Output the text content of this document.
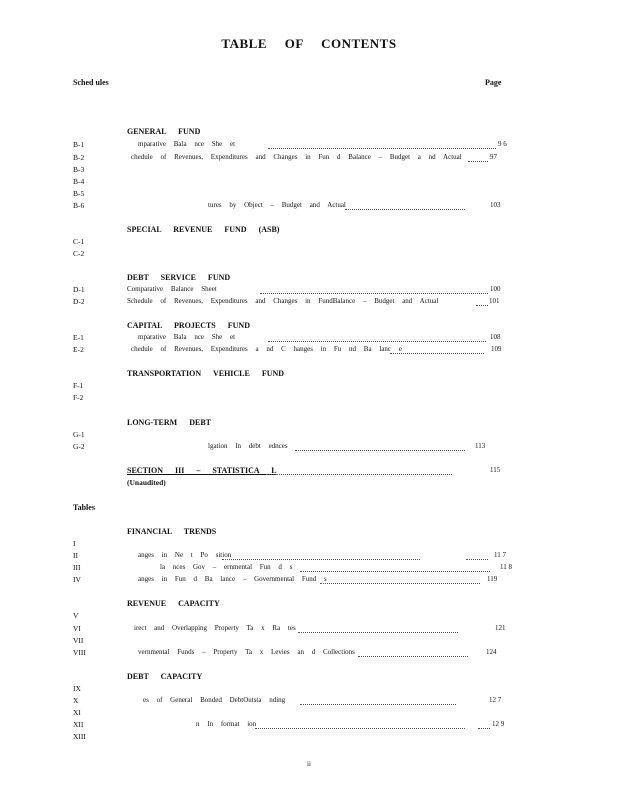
TABLE OF CONTENTS
Sched ules	Page
GENERAL FUND
B-1	mparative Bala nce She et	9 6
B-2	chedule of Revenues, Expenditures and Changes in Fun d Balance – Budget a nd Actual	97
B-3
B-4
B-5
B-6	tures by Object – Budget and Actual	103
SPECIAL REVENUE FUND (ASB)
C-1
C-2
DEBT SERVICE FUND
D-1	Comparative Balance Sheet	100
D-2	Schedule of Revenues, Expenditures and Changes in FundBalance – Budget and Actual	101
CAPITAL PROJECTS FUND
E-1	mparative Bala nce She et	108
E-2	chedule of Revenues, Expenditures a nd C hanges in Fu nd Ba lanc e	109
TRANSPORTATION VEHICLE FUND
F-1
F-2
LONG-TERM DEBT
G-1
G-2	lgation In debt ednces	113
SECTION III – STATISTICA L	115
(Unaudited)
Tables
FINANCIAL TRENDS
I
II	anges in Ne t Po sition	11 7
III	la nces Gov – ernmental Fun d s	11 8
IV	anges in Fun d Ba lance – Governmental Fund s	119
REVENUE CAPACITY
V
VI	irect and Overlapping Property Ta x Ra tes	121
VII
VIII	vernmental Funds – Property Ta x Levies an d Collections	124
DEBT CAPACITY
IX
X	es of General Bonded DebtOutsta nding	12 7
XI
XII	n In format ion	12 9
XIII
ii
